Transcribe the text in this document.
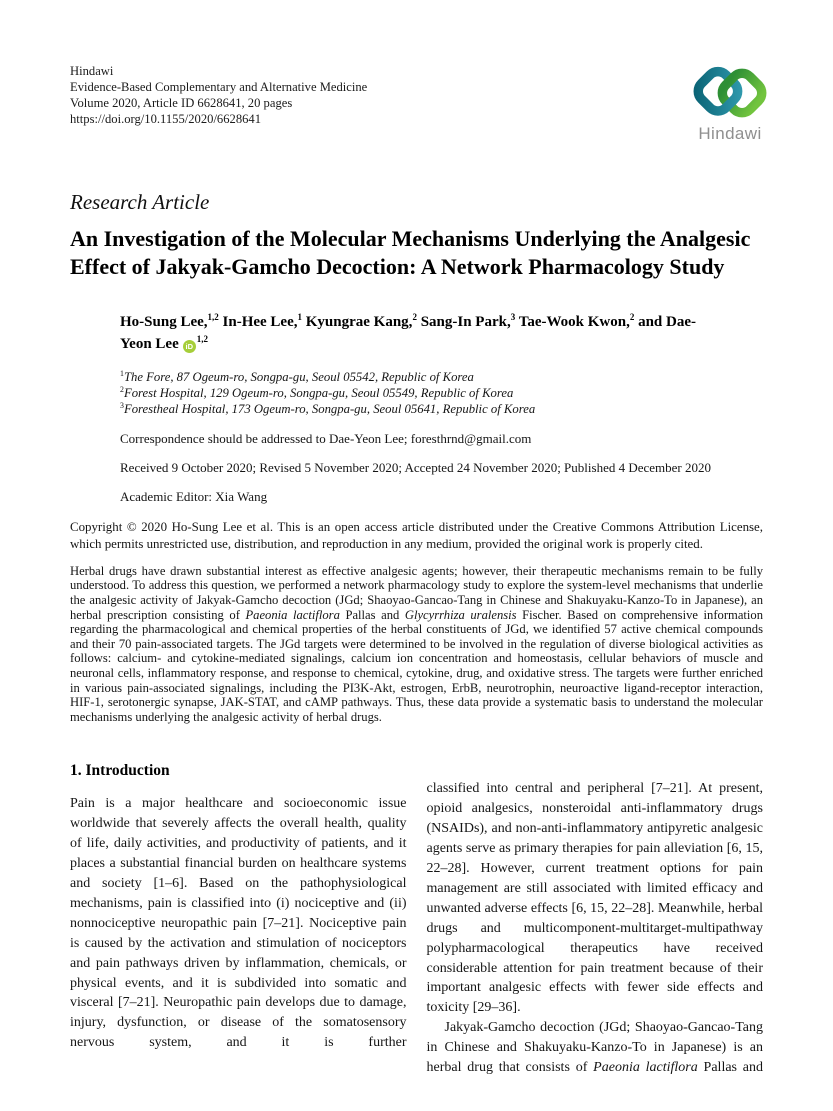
Hindawi
Evidence-Based Complementary and Alternative Medicine
Volume 2020, Article ID 6628641, 20 pages
https://doi.org/10.1155/2020/6628641
Hindawi
Research Article
An Investigation of the Molecular Mechanisms Underlying the Analgesic Effect of Jakyak-Gamcho Decoction: A Network Pharmacology Study
Ho-Sung Lee,$^{1,2}$ In-Hee Lee,$^1$ Kyungrae Kang,$^2$ Sang-In Park,$^3$ Tae-Wook Kwon,$^2$ and Dae-Yeon Lee iD$^{1,2}$
$^1$The Fore, 87 Ogeum-ro, Songpa-gu, Seoul 05542, Republic of Korea
$^2$Forest Hospital, 129 Ogeum-ro, Songpa-gu, Seoul 05549, Republic of Korea
$^3$Forestheal Hospital, 173 Ogeum-ro, Songpa-gu, Seoul 05641, Republic of Korea
Correspondence should be addressed to Dae-Yeon Lee; foresthrnd@gmail.com
Received 9 October 2020; Revised 5 November 2020; Accepted 24 November 2020; Published 4 December 2020
Academic Editor: Xia Wang

Copyright © 2020 Ho-Sung Lee et al. This is an open access article distributed under the Creative Commons Attribution License, which permits unrestricted use, distribution, and reproduction in any medium, provided the original work is properly cited.

Herbal drugs have drawn substantial interest as effective analgesic agents; however, their therapeutic mechanisms remain to be fully understood. To address this question, we performed a network pharmacology study to explore the system-level mechanisms that underlie the analgesic activity of Jakyak-Gamcho decoction (JGd; Shaoyao-Gancao-Tang in Chinese and Shakuyaku-Kanzo-To in Japanese), an herbal prescription consisting of Paeonia lactiflora Pallas and Glycyrrhiza uralensis Fischer. Based on comprehensive information regarding the pharmacological and chemical properties of the herbal constituents of JGd, we identified 57 active chemical compounds and their 70 pain-associated targets. The JGd targets were determined to be involved in the regulation of diverse biological activities as follows: calcium- and cytokine-mediated signalings, calcium ion concentration and homeostasis, cellular behaviors of muscle and neuronal cells, inflammatory response, and response to chemical, cytokine, drug, and oxidative stress. The targets were further enriched in various pain-associated signalings, including the PI3K-Akt, estrogen, ErbB, neurotrophin, neuroactive ligand-receptor interaction, HIF-1, serotonergic synapse, JAK-STAT, and cAMP pathways. Thus, these data provide a systematic basis to understand the molecular mechanisms underlying the analgesic activity of herbal drugs.

1. Introduction

Pain is a major healthcare and socioeconomic issue worldwide that severely affects the overall health, quality of life, daily activities, and productivity of patients, and it places a substantial financial burden on healthcare systems and society [1–6]. Based on the pathophysiological mechanisms, pain is classified into (i) nociceptive and (ii) nonnociceptive neuropathic pain [7–21]. Nociceptive pain is caused by the activation and stimulation of nociceptors and pain pathways driven by inflammation, chemicals, or physical events, and it is subdivided into somatic and visceral [7–21]. Neuropathic pain develops due to damage, injury, dysfunction, or disease of the somatosensory nervous system, and it is further

classified into central and peripheral [7–21]. At present, opioid analgesics, nonsteroidal anti-inflammatory drugs (NSAIDs), and non-anti-inflammatory antipyretic analgesic agents serve as primary therapies for pain alleviation [6, 15, 22–28]. However, current treatment options for pain management are still associated with limited efficacy and unwanted adverse effects [6, 15, 22–28]. Meanwhile, herbal drugs and multicomponent-multitarget-multipathway polypharmacological therapeutics have received considerable attention for pain treatment because of their important analgesic effects with fewer side effects and toxicity [29–36].

Jakyak-Gamcho decoction (JGd; Shaoyao-Gancao-Tang in Chinese and Shakuyaku-Kanzo-To in Japanese) is an herbal drug that consists of Paeonia lactiflora Pallas and
